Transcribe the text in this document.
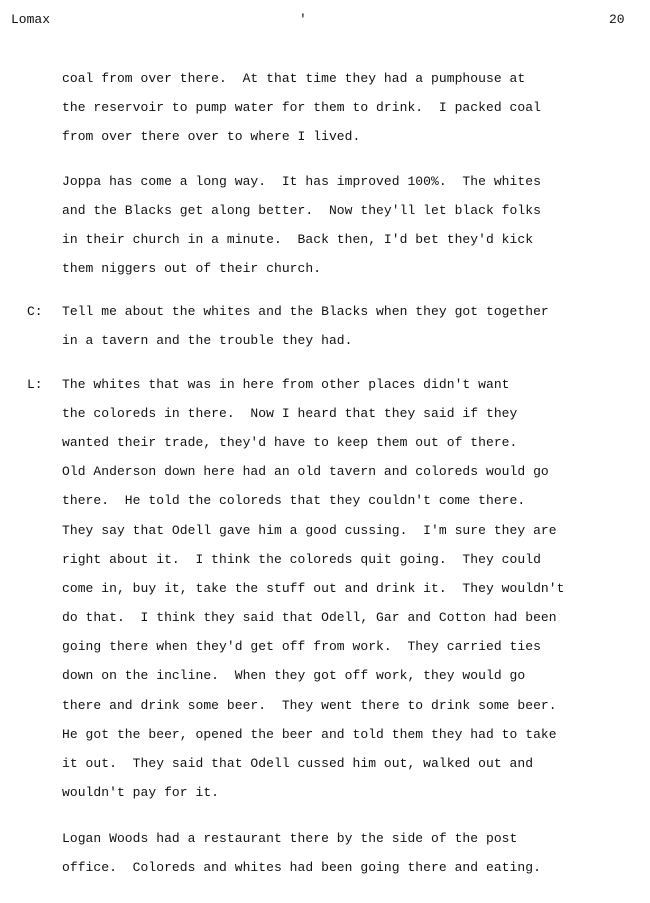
Lomax	'	20
coal from over there.  At that time they had a pumphouse at
the reservoir to pump water for them to drink.  I packed coal
from over there over to where I lived.
Joppa has come a long way.  It has improved 100%.  The whites
and the Blacks get along better.  Now they'll let black folks
in their church in a minute.  Back then, I'd bet they'd kick
them niggers out of their church.
C: Tell me about the whites and the Blacks when they got together
in a tavern and the trouble they had.
L: The whites that was in here from other places didn't want
the coloreds in there.  Now I heard that they said if they
wanted their trade, they'd have to keep them out of there.
Old Anderson down here had an old tavern and coloreds would go
there.  He told the coloreds that they couldn't come there.
They say that Odell gave him a good cussing.  I'm sure they are
right about it.  I think the coloreds quit going.  They could
come in, buy it, take the stuff out and drink it.  They wouldn't
do that.  I think they said that Odell, Gar and Cotton had been
going there when they'd get off from work.  They carried ties
down on the incline.  When they got off work, they would go
there and drink some beer.  They went there to drink some beer.
He got the beer, opened the beer and told them they had to take
it out.  They said that Odell cussed him out, walked out and
wouldn't pay for it.
Logan Woods had a restaurant there by the side of the post
office.  Coloreds and whites had been going there and eating.
